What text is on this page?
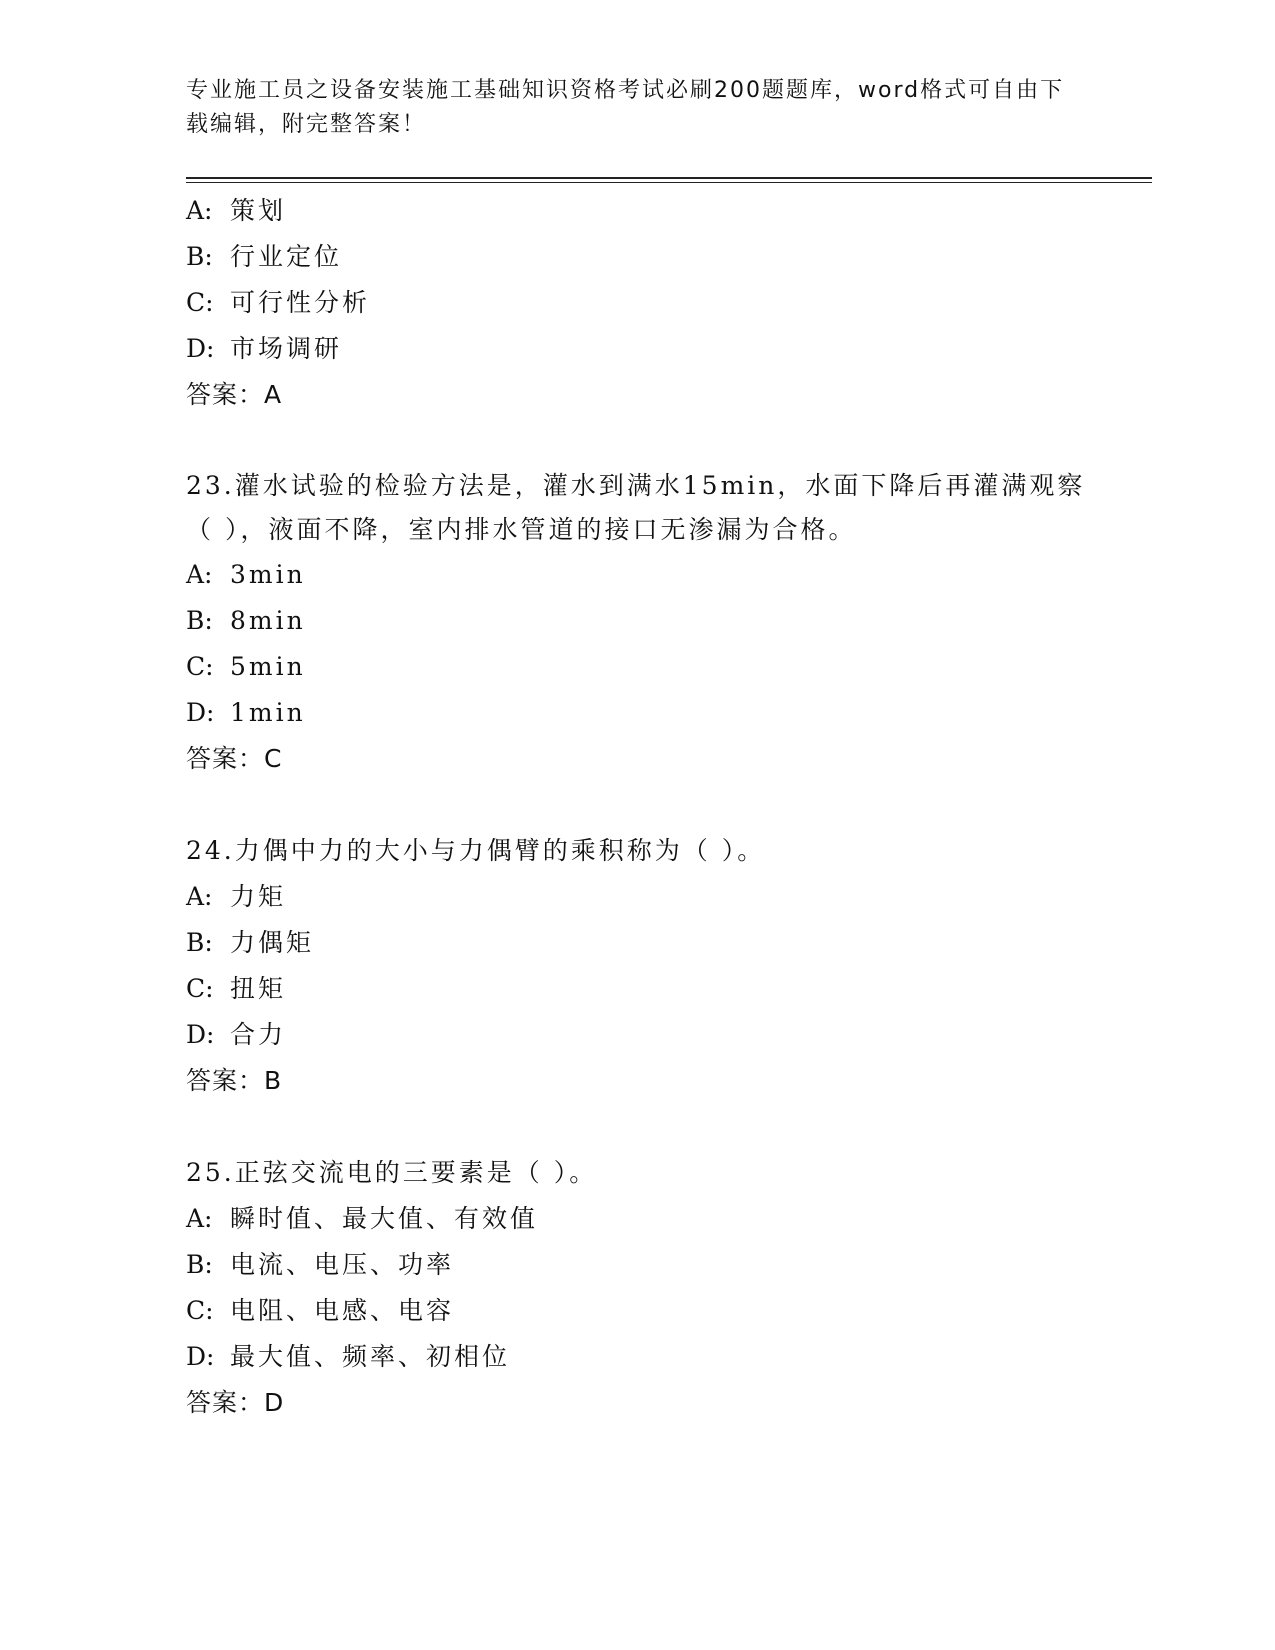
专业施工员之设备安装施工基础知识资格考试必刷200题题库，word格式可自由下载编辑，附完整答案！
A: 策划
B: 行业定位
C: 可行性分析
D: 市场调研
答案：A
23.灌水试验的检验方法是，灌水到满水15min，水面下降后再灌满观察（ ），液面不降，室内排水管道的接口无渗漏为合格。
A: 3min
B: 8min
C: 5min
D: 1min
答案：C
24.力偶中力的大小与力偶臂的乘积称为（ ）。
A: 力矩
B: 力偶矩
C: 扭矩
D: 合力
答案：B
25.正弦交流电的三要素是（ ）。
A: 瞬时值、最大值、有效值
B: 电流、电压、功率
C: 电阻、电感、电容
D: 最大值、频率、初相位
答案：D
